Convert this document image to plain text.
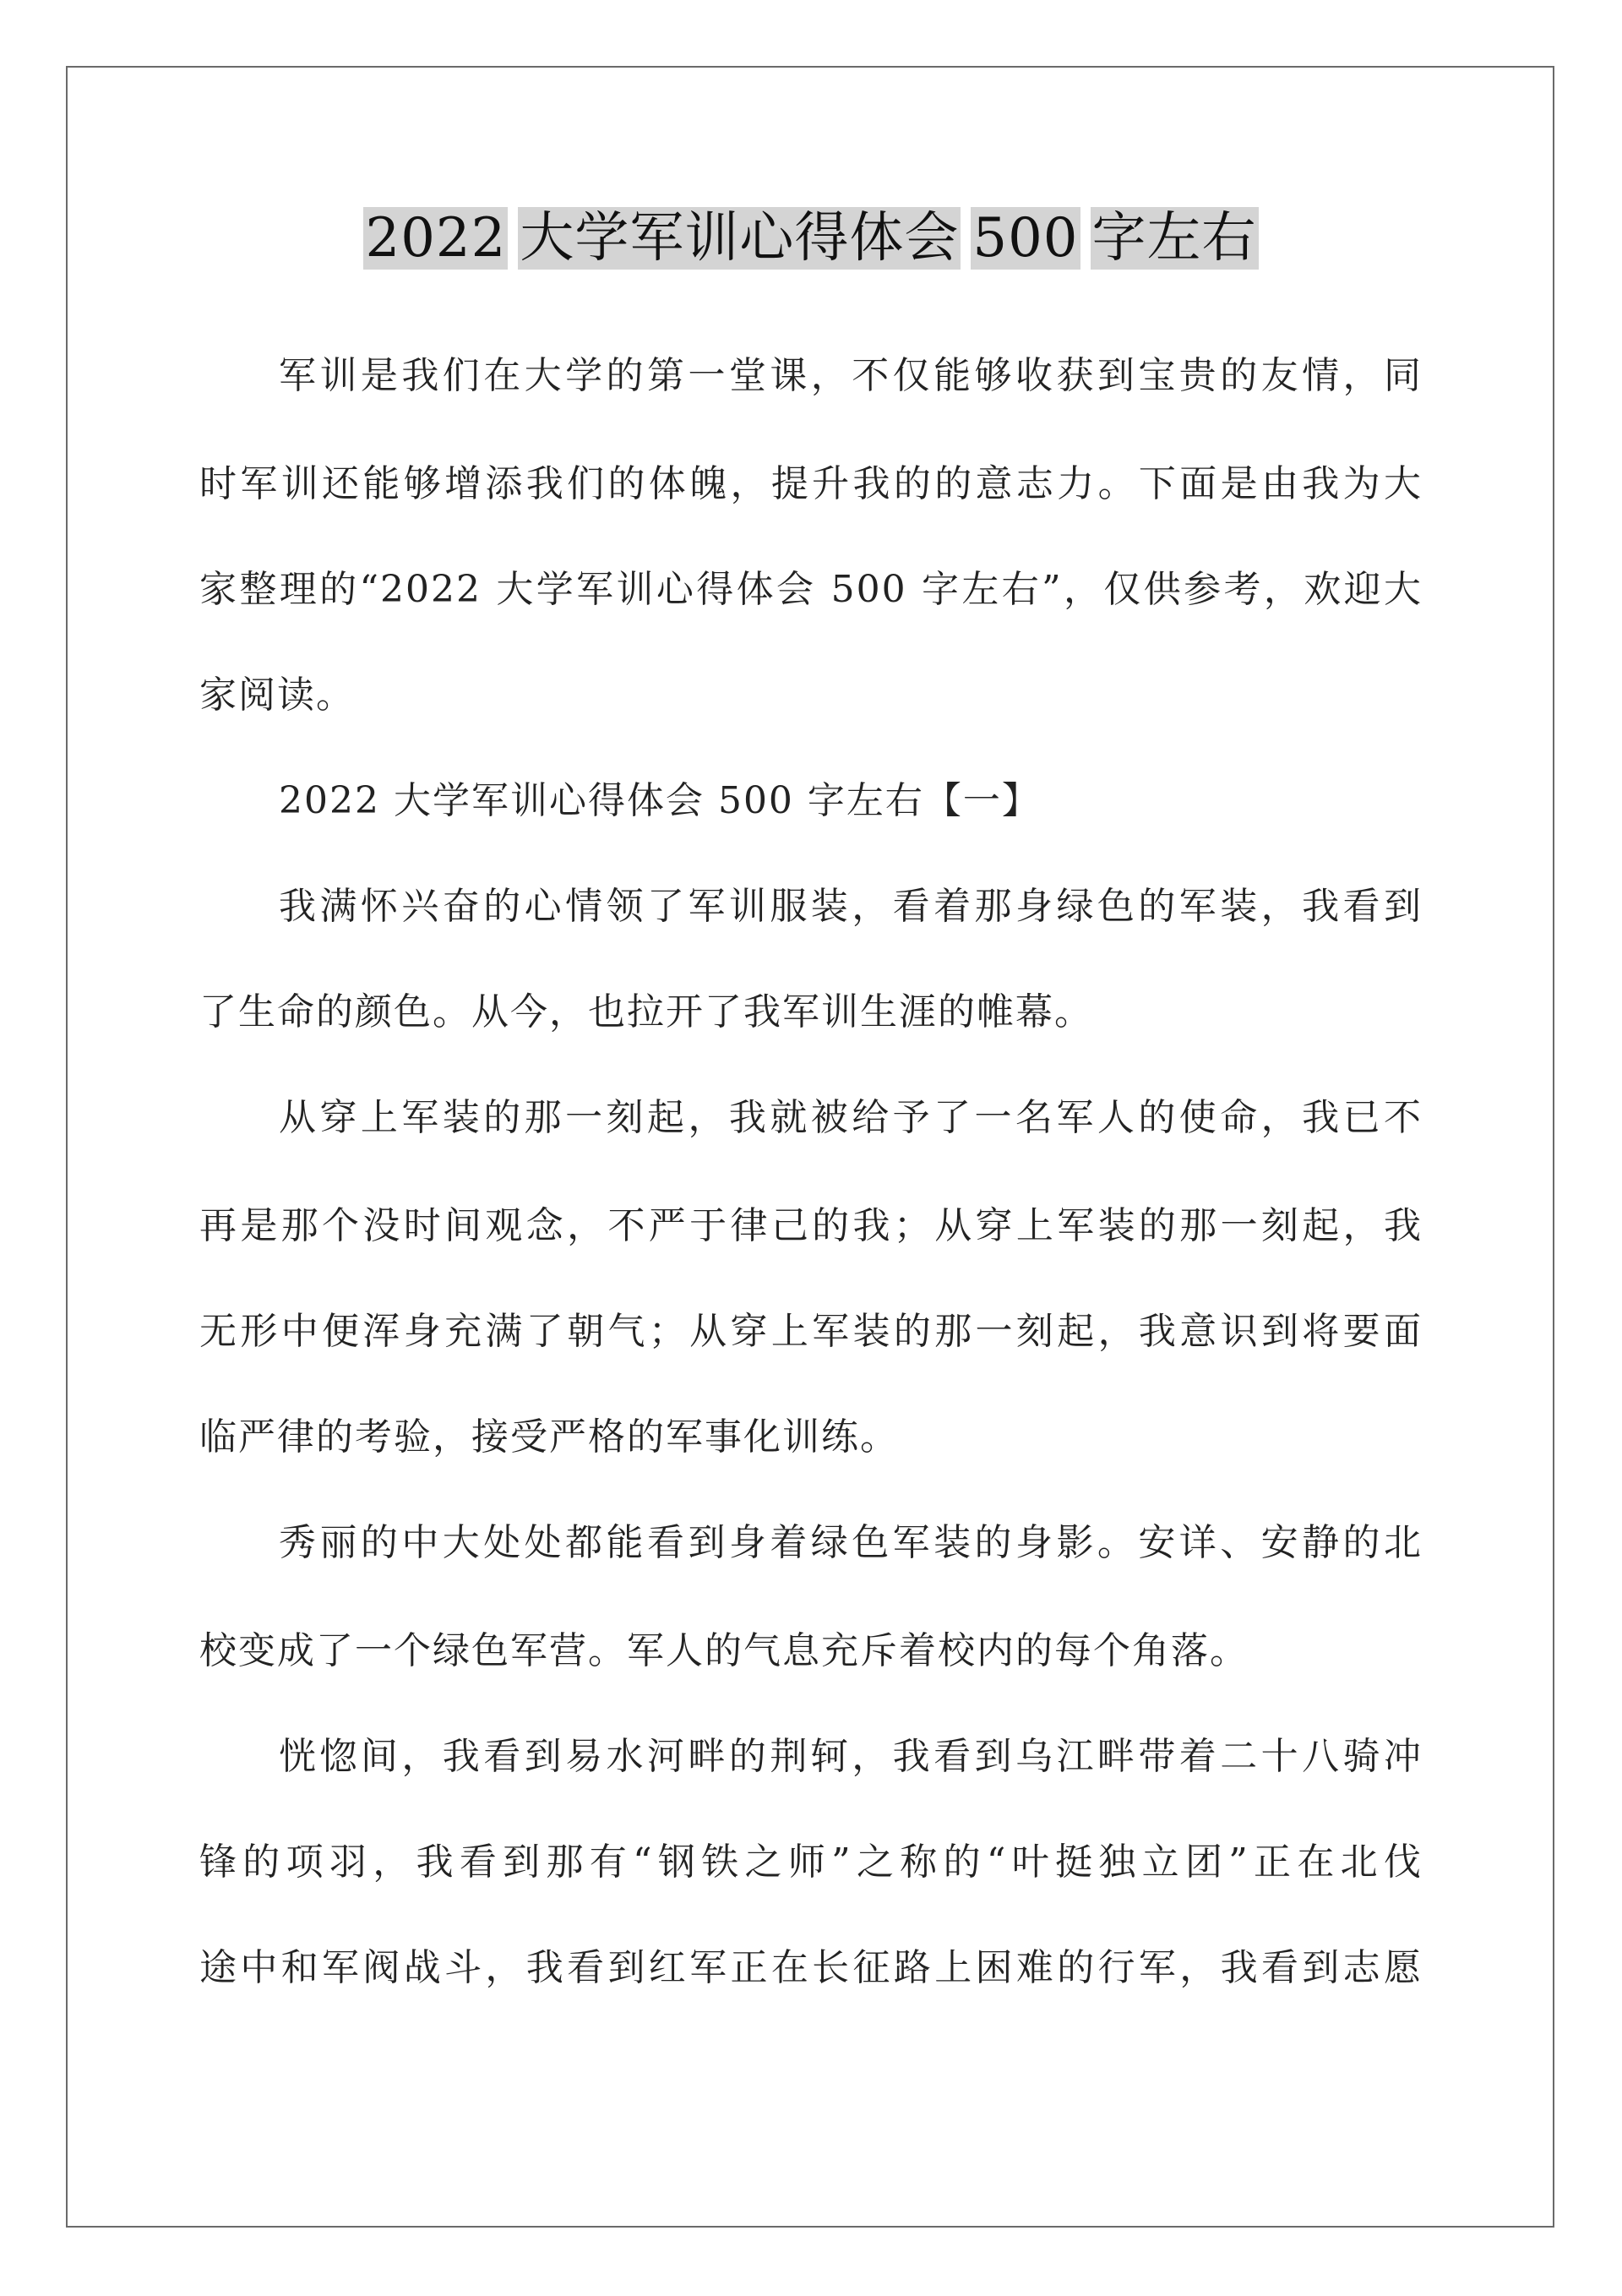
2022 大学军训心得体会 500 字左右
军训是我们在大学的第一堂课，不仅能够收获到宝贵的友情，同
时军训还能够增添我们的体魄，提升我的的意志力。下面是由我为大
家整理的“2022 大学军训心得体会 500 字左右”，仅供参考，欢迎大
家阅读。
2022 大学军训心得体会 500 字左右【一】
我满怀兴奋的心情领了军训服装，看着那身绿色的军装，我看到
了生命的颜色。从今，也拉开了我军训生涯的帷幕。
从穿上军装的那一刻起，我就被给予了一名军人的使命，我已不
再是那个没时间观念，不严于律己的我；从穿上军装的那一刻起，我
无形中便浑身充满了朝气；从穿上军装的那一刻起，我意识到将要面
临严律的考验，接受严格的军事化训练。
秀丽的中大处处都能看到身着绿色军装的身影。安详、安静的北
校变成了一个绿色军营。军人的气息充斥着校内的每个角落。
恍惚间，我看到易水河畔的荆轲，我看到乌江畔带着二十八骑冲
锋的项羽，我看到那有“钢铁之师”之称的“叶挺独立团”正在北伐
途中和军阀战斗，我看到红军正在长征路上困难的行军，我看到志愿
